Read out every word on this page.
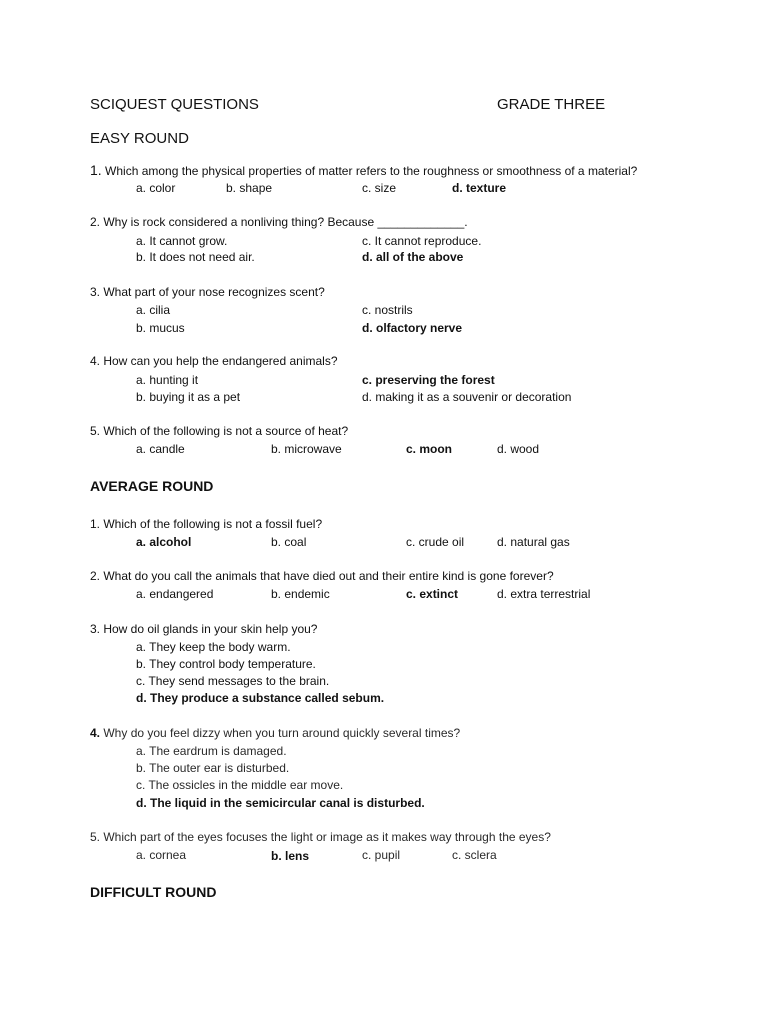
SCIQUEST QUESTIONS	GRADE THREE
EASY ROUND
1. Which among the physical properties of matter refers to the roughness or smoothness of a material?
a. color	b. shape	c. size	d. texture
2. Why is rock considered a nonliving thing? Because _____________.
a. It cannot grow.
b. It does not need air.
c. It cannot reproduce.
d. all of the above
3. What part of your nose recognizes scent?
a. cilia
b. mucus
c. nostrils
d. olfactory nerve
4. How can you help the endangered animals?
a. hunting it
b. buying it as a pet
c. preserving the forest
d. making it as a souvenir or decoration
5. Which of the following is not a source of heat?
a. candle	b. microwave	c. moon	d. wood
AVERAGE ROUND
1. Which of the following is not a fossil fuel?
a. alcohol	b. coal	c. crude oil	d. natural gas
2. What do you call the animals that have died out and their entire kind is gone forever?
a. endangered	b. endemic	c. extinct	d. extra terrestrial
3. How do oil glands in your skin help you?
a. They keep the body warm.
b. They control body temperature.
c. They send messages to the brain.
d. They produce a substance called sebum.
4. Why do you feel dizzy when you turn around quickly several times?
a. The eardrum is damaged.
b. The outer ear is disturbed.
c. The ossicles in the middle ear move.
d. The liquid in the semicircular canal is disturbed.
5. Which part of the eyes focuses the light or image as it makes way through the eyes?
a. cornea	b. lens	c. pupil	c. sclera
DIFFICULT ROUND
